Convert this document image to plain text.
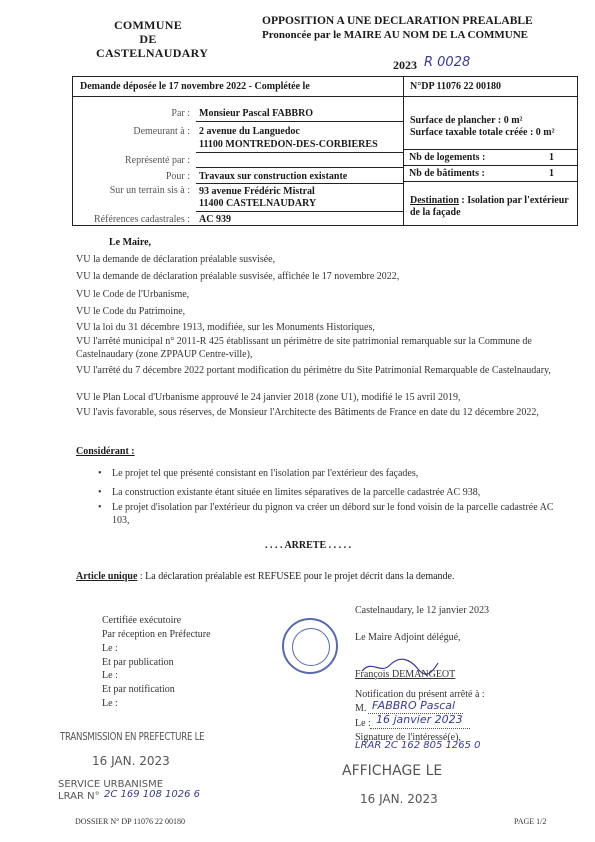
COMMUNE
DE
CASTELNAUDARY
OPPOSITION A UNE DECLARATION PREALABLE
Prononcée par le MAIRE AU NOM DE LA COMMUNE
2023 R 0028
Demande déposée le 17 novembre 2022 - Complétée le	N°DP 11076 22 00180
Par : Monsieur Pascal FABBRO
Demeurant à : 2 avenue du Languedoc
11100 MONTREDON-DES-CORBIERES
Représenté par :
Pour : Travaux sur construction existante
Sur un terrain sis à : 93 avenue Frédéric Mistral
11400 CASTELNAUDARY
Références cadastrales : AC 939
Surface de plancher : 0 m²
Surface taxable totale créée : 0 m²
Nb de logements :	1
Nb de bâtiments :	1
Destination : Isolation par l'extérieur de la façade
Le Maire,
VU la demande de déclaration préalable susvisée,
VU la demande de déclaration préalable susvisée, affichée le 17 novembre 2022,
VU le Code de l'Urbanisme,
VU le Code du Patrimoine,
VU la loi du 31 décembre 1913, modifiée, sur les Monuments Historiques,
VU l'arrêté municipal n° 2011-R 425 établissant un périmètre de site patrimonial remarquable sur la Commune de Castelnaudary (zone ZPPAUP Centre-ville),
VU l'arrêté du 7 décembre 2022 portant modification du périmètre du Site Patrimonial Remarquable de Castelnaudary,
VU le Plan Local d'Urbanisme approuvé le 24 janvier 2018 (zone U1), modifié le 15 avril 2019,
VU l'avis favorable, sous réserves, de Monsieur l'Architecte des Bâtiments de France en date du 12 décembre 2022,
Considérant :
• Le projet tel que présenté consistant en l'isolation par l'extérieur des façades,
• La construction existante étant située en limites séparatives de la parcelle cadastrée AC 938,
• Le projet d'isolation par l'extérieur du pignon va créer un débord sur le fond voisin de la parcelle cadastrée AC 103,
. . . . ARRETE . . . . .
Article unique : La déclaration préalable est REFUSEE pour le projet décrit dans la demande.
Certifiée exécutoire
Par réception en Préfecture
Le :
Et par publication
Le :
Et par notification
Le :
Castelnaudary, le 12 janvier 2023
Le Maire Adjoint délégué,
François DEMANGEOT
Notification du présent arrêté à :
M. FABBRO Pascal
Le : 16 janvier 2023
Signature de l'intéressé(e),
LRAR 2C 162 805 1265 0
TRANSMISSION EN PREFECTURE LE
16 JAN. 2023
SERVICE URBANISME
LRAR N° 2C 169 108 1026 6
AFFICHAGE LE
16 JAN. 2023
DOSSIER N° DP 11076 22 00180	PAGE 1/2
